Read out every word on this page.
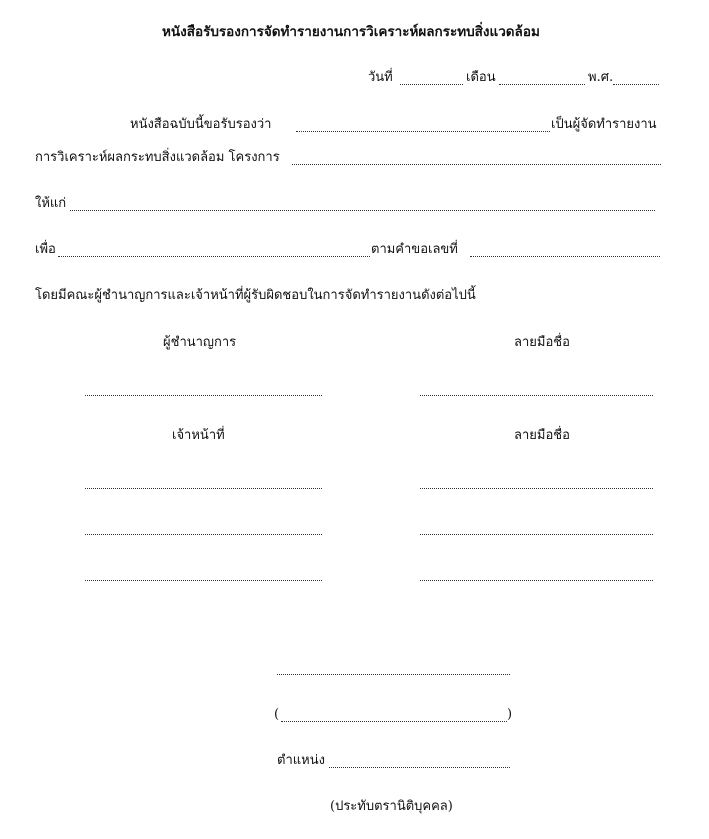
หนังสือรับรองการจัดทำรายงานการวิเคราะห์ผลกระทบสิ่งแวดล้อม
วันที่	เดือน	พ.ศ.
หนังสือฉบับนี้ขอรับรองว่า	เป็นผู้จัดทำรายงาน
การวิเคราะห์ผลกระทบสิ่งแวดล้อม โครงการ
ให้แก่
เพื่อ	ตามคำขอเลขที่
โดยมีคณะผู้ชำนาญการและเจ้าหน้าที่ผู้รับผิดชอบในการจัดทำรายงานดังต่อไปนี้
ผู้ชำนาญการ	ลายมือชื่อ
เจ้าหน้าที่	ลายมือชื่อ
(	)
ตำแหน่ง
(ประทับตรานิติบุคคล)
